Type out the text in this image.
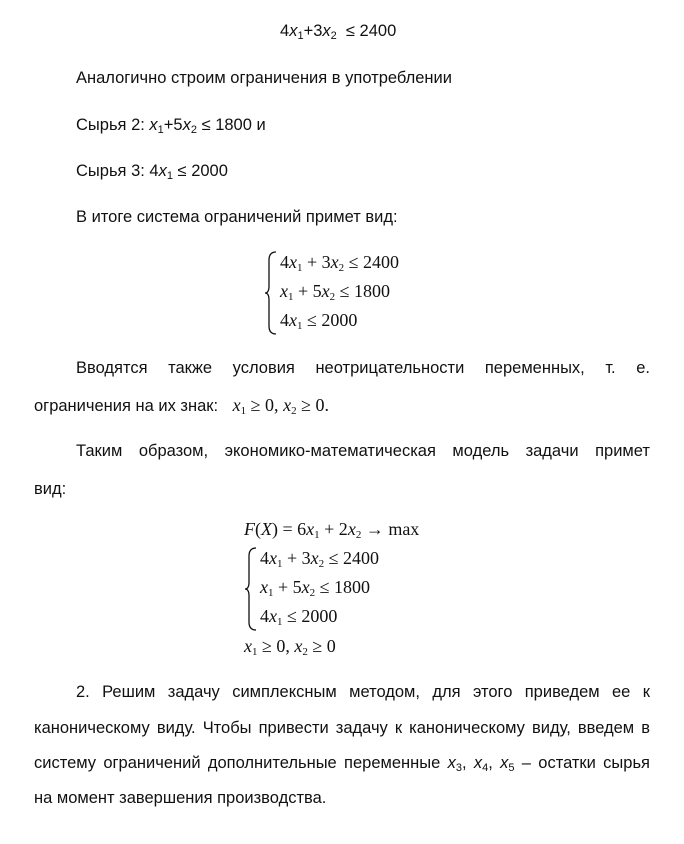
$4x_1+3x_2 \le 2400$
Аналогично строим ограничения в употреблении
Сырья 2: $x_1+5x_2 \le 1800$ и
Сырья 3: $4x_1 \le 2000$
В итоге система ограничений примет вид:
$4x_1 + 3x_2 \le 2400$
$x_1 + 5x_2 \le 1800$
$4x_1 \le 2000$
Вводятся также условия неотрицательности переменных, т. е.
ограничения на их знак: $x_1 \ge 0$, $x_2 \ge 0$.
Таким образом, экономико-математическая модель задачи примет
вид:
$F(X) = 6x_1 + 2x_2 \to \max$
$4x_1 + 3x_2 \le 2400$
$x_1 + 5x_2 \le 1800$
$4x_1 \le 2000$
$x_1 \ge 0$, $x_2 \ge 0$
2. Решим задачу симплексным методом, для этого приведем ее к
каноническому виду. Чтобы привести задачу к каноническому виду, введем в
систему ограничений дополнительные переменные $x_3$, $x_4$, $x_5$ – остатки сырья
на момент завершения производства.
